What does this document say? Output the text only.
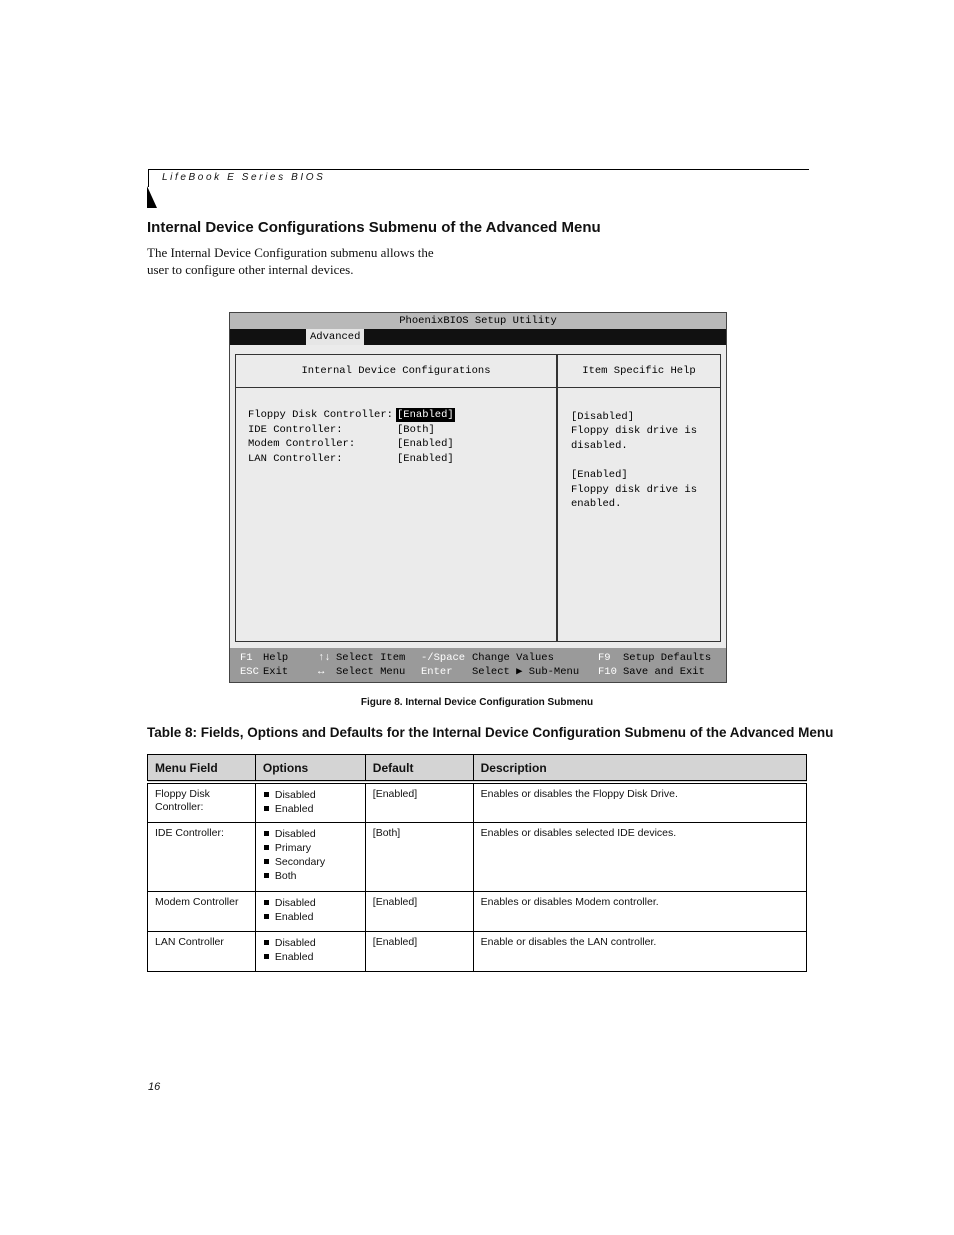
LifeBook E Series BIOS
Internal Device Configurations Submenu of the Advanced Menu

The Internal Device Configuration submenu allows the
user to configure other internal devices.

PhoenixBIOS Setup Utility
Advanced
Internal Device Configurations

Floppy Disk Controller:

[Enabled]

IDE Controller:

	[Both]

Modem Controller:

	[Enabled]

LAN Controller:

	[Enabled]

Item Specific Help
[Disabled]
Floppy disk drive is
disabled.
[Enabled]
Floppy disk drive is
enabled.
F1 Help	↑↓ Select Item -/Space Change Values	F9 Setup Defaults
ESC Exit	↔ Select Menu Enter Select ▶ Sub-Menu F10 Save and Exit
Figure 8. Internal Device Configuration Submenu
Table 8: Fields, Options and Defaults for the Internal Device Configuration Submenu of the Advanced Menu
Menu Field	Options	Default	Description
Floppy Disk
Controller:	Disabled
Enabled	[Enabled]	Enables or disables the Floppy Disk Drive.
IDE Controller:	Disabled
Primary
Secondary
Both	[Both]	Enables or disables selected IDE devices.
Modem Controller	Disabled
Enabled	[Enabled]	Enables or disables Modem controller.
LAN Controller	Disabled
Enabled	[Enabled]	Enable or disables the LAN controller.
16
